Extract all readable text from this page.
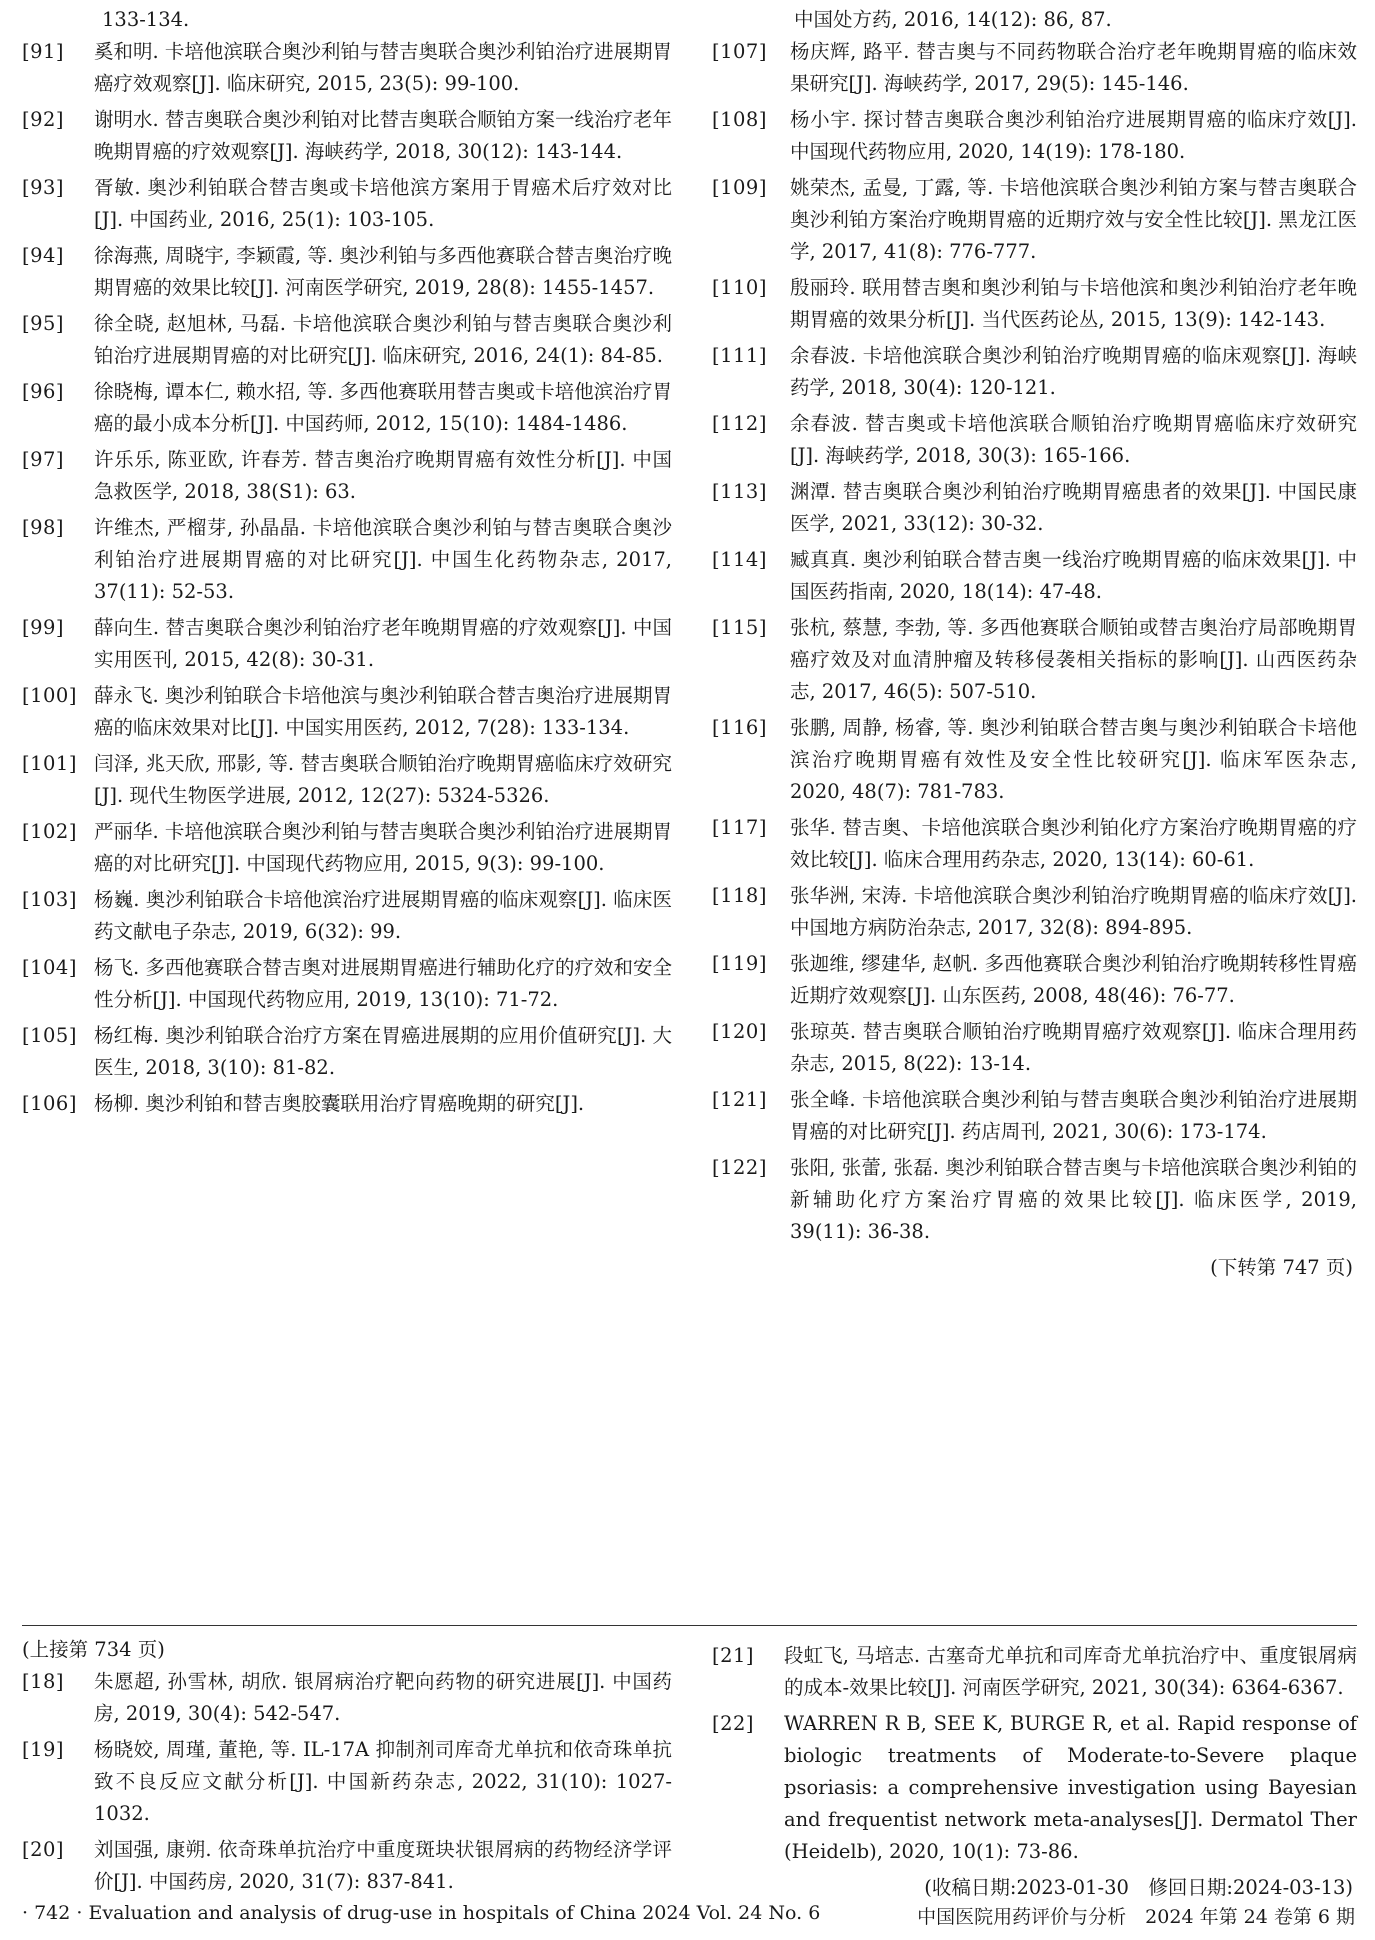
133-134.
[91]	奚和明. 卡培他滨联合奥沙利铂与替吉奥联合奥沙利铂治疗进展期胃癌疗效观察[J]. 临床研究, 2015, 23(5): 99-100.
[92]	谢明水. 替吉奥联合奥沙利铂对比替吉奥联合顺铂方案一线治疗老年晚期胃癌的疗效观察[J]. 海峡药学, 2018, 30(12): 143-144.
[93]	胥敏. 奥沙利铂联合替吉奥或卡培他滨方案用于胃癌术后疗效对比[J]. 中国药业, 2016, 25(1): 103-105.
[94]	徐海燕, 周晓宇, 李颖霞, 等. 奥沙利铂与多西他赛联合替吉奥治疗晚期胃癌的效果比较[J]. 河南医学研究, 2019, 28(8): 1455-1457.
[95]	徐全晓, 赵旭林, 马磊. 卡培他滨联合奥沙利铂与替吉奥联合奥沙利铂治疗进展期胃癌的对比研究[J]. 临床研究, 2016, 24(1): 84-85.
[96]	徐晓梅, 谭本仁, 赖水招, 等. 多西他赛联用替吉奥或卡培他滨治疗胃癌的最小成本分析[J]. 中国药师, 2012, 15(10): 1484-1486.
[97]	许乐乐, 陈亚欧, 许春芳. 替吉奥治疗晚期胃癌有效性分析[J]. 中国急救医学, 2018, 38(S1): 63.
[98]	许维杰, 严榴芽, 孙晶晶. 卡培他滨联合奥沙利铂与替吉奥联合奥沙利铂治疗进展期胃癌的对比研究[J]. 中国生化药物杂志, 2017, 37(11): 52-53.
[99]	薛向生. 替吉奥联合奥沙利铂治疗老年晚期胃癌的疗效观察[J]. 中国实用医刊, 2015, 42(8): 30-31.
[100] 薛永飞. 奥沙利铂联合卡培他滨与奥沙利铂联合替吉奥治疗进展期胃癌的临床效果对比[J]. 中国实用医药, 2012, 7(28): 133-134.
[101] 闫泽, 兆天欣, 邢影, 等. 替吉奥联合顺铂治疗晚期胃癌临床疗效研究[J]. 现代生物医学进展, 2012, 12(27): 5324-5326.
[102] 严丽华. 卡培他滨联合奥沙利铂与替吉奥联合奥沙利铂治疗进展期胃癌的对比研究[J]. 中国现代药物应用, 2015, 9(3): 99-100.
[103] 杨巍. 奥沙利铂联合卡培他滨治疗进展期胃癌的临床观察[J]. 临床医药文献电子杂志, 2019, 6(32): 99.
[104] 杨飞. 多西他赛联合替吉奥对进展期胃癌进行辅助化疗的疗效和安全性分析[J]. 中国现代药物应用, 2019, 13(10): 71-72.
[105] 杨红梅. 奥沙利铂联合治疗方案在胃癌进展期的应用价值研究[J]. 大医生, 2018, 3(10): 81-82.
[106] 杨柳. 奥沙利铂和替吉奥胶囊联用治疗胃癌晚期的研究[J].
中国处方药, 2016, 14(12): 86, 87.
[107]	杨庆辉, 路平. 替吉奥与不同药物联合治疗老年晚期胃癌的临床效果研究[J]. 海峡药学, 2017, 29(5): 145-146.
[108]	杨小宇. 探讨替吉奥联合奥沙利铂治疗进展期胃癌的临床疗效[J]. 中国现代药物应用, 2020, 14(19): 178-180.
[109]	姚荣杰, 孟曼, 丁露, 等. 卡培他滨联合奥沙利铂方案与替吉奥联合奥沙利铂方案治疗晚期胃癌的近期疗效与安全性比较[J]. 黑龙江医学, 2017, 41(8): 776-777.
[110]	殷丽玲. 联用替吉奥和奥沙利铂与卡培他滨和奥沙利铂治疗老年晚期胃癌的效果分析[J]. 当代医药论丛, 2015, 13(9): 142-143.
[111]	余春波. 卡培他滨联合奥沙利铂治疗晚期胃癌的临床观察[J]. 海峡药学, 2018, 30(4): 120-121.
[112]	余春波. 替吉奥或卡培他滨联合顺铂治疗晚期胃癌临床疗效研究[J]. 海峡药学, 2018, 30(3): 165-166.
[113]	渊潭. 替吉奥联合奥沙利铂治疗晚期胃癌患者的效果[J]. 中国民康医学, 2021, 33(12): 30-32.
[114]	臧真真. 奥沙利铂联合替吉奥一线治疗晚期胃癌的临床效果[J]. 中国医药指南, 2020, 18(14): 47-48.
[115]	张杭, 蔡慧, 李勃, 等. 多西他赛联合顺铂或替吉奥治疗局部晚期胃癌疗效及对血清肿瘤及转移侵袭相关指标的影响[J]. 山西医药杂志, 2017, 46(5): 507-510.
[116]	张鹏, 周静, 杨睿, 等. 奥沙利铂联合替吉奥与奥沙利铂联合卡培他滨治疗晚期胃癌有效性及安全性比较研究[J]. 临床军医杂志, 2020, 48(7): 781-783.
[117]	张华. 替吉奥、卡培他滨联合奥沙利铂化疗方案治疗晚期胃癌的疗效比较[J]. 临床合理用药杂志, 2020, 13(14): 60-61.
[118]	张华洲, 宋涛. 卡培他滨联合奥沙利铂治疗晚期胃癌的临床疗效[J]. 中国地方病防治杂志, 2017, 32(8): 894-895.
[119]	张迦维, 缪建华, 赵帆. 多西他赛联合奥沙利铂治疗晚期转移性胃癌近期疗效观察[J]. 山东医药, 2008, 48(46): 76-77.
[120]	张琼英. 替吉奥联合顺铂治疗晚期胃癌疗效观察[J]. 临床合理用药杂志, 2015, 8(22): 13-14.
[121]	张全峰. 卡培他滨联合奥沙利铂与替吉奥联合奥沙利铂治疗进展期胃癌的对比研究[J]. 药店周刊, 2021, 30(6): 173-174.
[122]	张阳, 张蕾, 张磊. 奥沙利铂联合替吉奥与卡培他滨联合奥沙利铂的新辅助化疗方案治疗胃癌的效果比较[J]. 临床医学, 2019, 39(11): 36-38.
(下转第 747 页)
(上接第 734 页)
[18]	朱愿超, 孙雪林, 胡欣. 银屑病治疗靶向药物的研究进展[J]. 中国药房, 2019, 30(4): 542-547.
[19]	杨晓姣, 周瑾, 董艳, 等. IL-17A 抑制剂司库奇尤单抗和依奇珠单抗致不良反应文献分析[J]. 中国新药杂志, 2022, 31(10): 1027-1032.
[20]	刘国强, 康朔. 依奇珠单抗治疗中重度斑块状银屑病的药物经济学评价[J]. 中国药房, 2020, 31(7): 837-841.
[21]	段虹飞, 马培志. 古塞奇尤单抗和司库奇尤单抗治疗中、重度银屑病的成本-效果比较[J]. 河南医学研究, 2021, 30(34): 6364-6367.
[22]	WARREN R B, SEE K, BURGE R, et al. Rapid response of biologic treatments of Moderate-to-Severe plaque psoriasis: a comprehensive investigation using Bayesian and frequentist network meta-analyses[J]. Dermatol Ther (Heidelb), 2020, 10(1): 73-86.
(收稿日期:2023-01-30　修回日期:2024-03-13)
· 742 · Evaluation and analysis of drug-use in hospitals of China 2024 Vol. 24 No. 6	中国医院用药评价与分析　2024 年第 24 卷第 6 期
